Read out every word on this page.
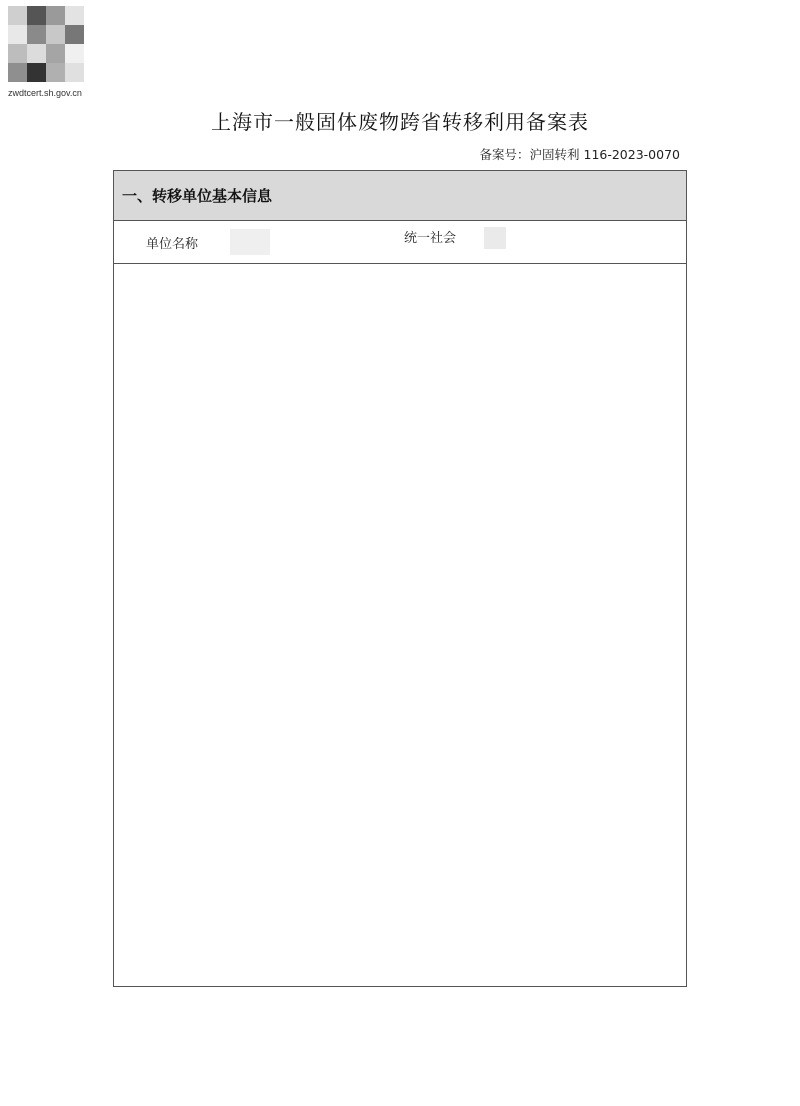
zwdtcert.sh.gov.cn
上海市一般固体废物跨省转移利用备案表
备案号：沪固转利 116-2023-0070
一、转移单位基本信息
单位名称	统一社会
